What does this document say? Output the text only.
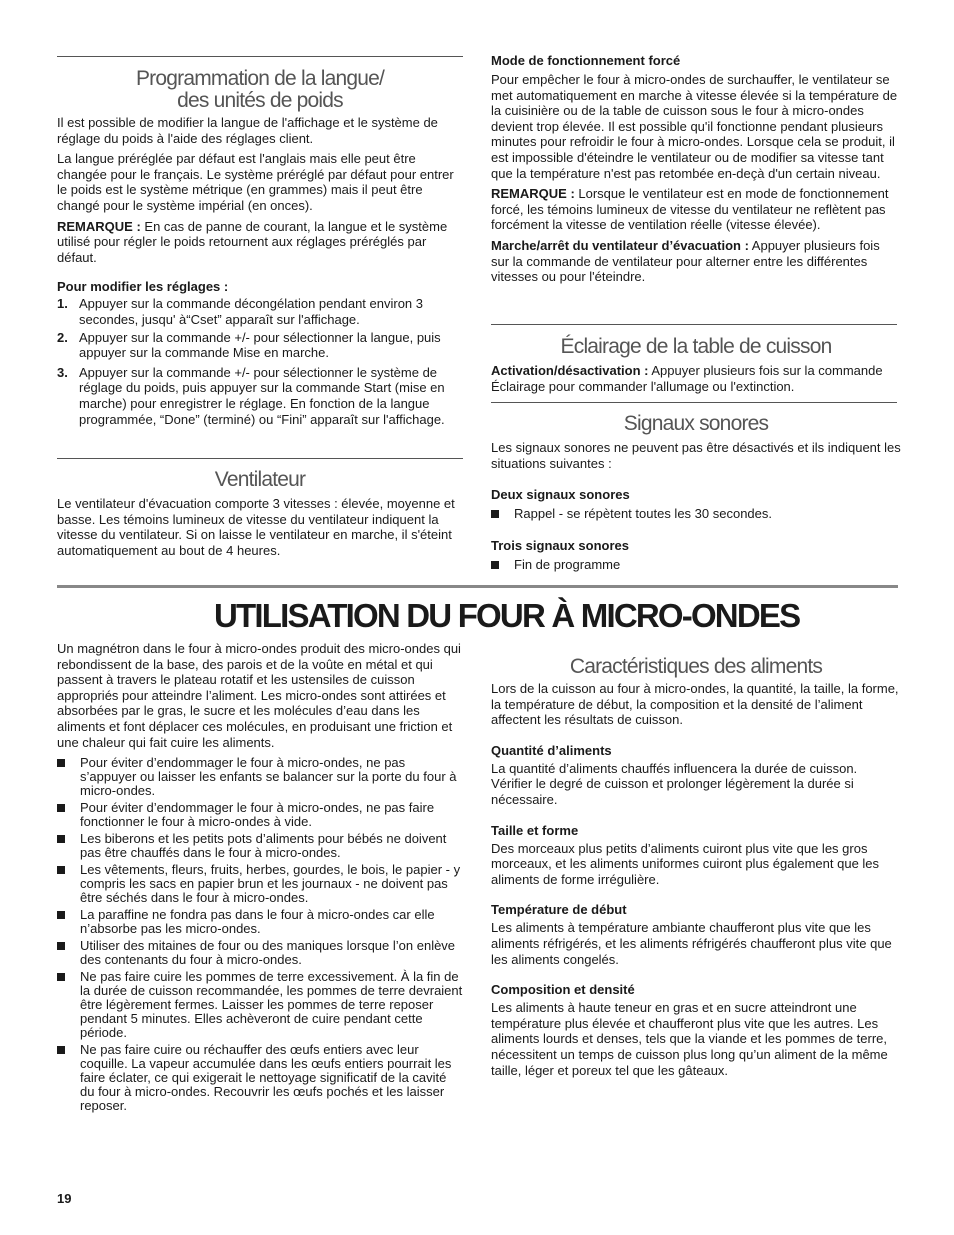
Programmation de la langue/
des unités de poids

Il est possible de modifier la langue de l'affichage et le système de réglage du poids à l'aide des réglages client.

La langue préréglée par défaut est l'anglais mais elle peut être changée pour le français. Le système préréglé par défaut pour entrer le poids est le système métrique (en grammes) mais il peut être changé pour le système impérial (en onces).

REMARQUE : En cas de panne de courant, la langue et le système utilisé pour régler le poids retournent aux réglages préréglés par défaut.

Pour modifier les réglages :

1. Appuyer sur la commande décongélation pendant environ 3 secondes, jusqu' à“Cset” apparaît sur l'affichage.
2. Appuyer sur la commande +/- pour sélectionner la langue, puis appuyer sur la commande Mise en marche.
3. Appuyer sur la commande +/- pour sélectionner le système de réglage du poids, puis appuyer sur la commande Start (mise en marche) pour enregistrer le réglage. En fonction de la langue programmée, “Done” (terminé) ou “Fini” apparaît sur l'affichage.
Ventilateur

Le ventilateur d'évacuation comporte 3 vitesses : élevée, moyenne et basse. Les témoins lumineux de vitesse du ventilateur indiquent la vitesse du ventilateur. Si on laisse le ventilateur en marche, il s'éteint automatiquement au bout de 4 heures.

Mode de fonctionnement forcé

Pour empêcher le four à micro-ondes de surchauffer, le ventilateur se met automatiquement en marche à vitesse élevée si la température de la cuisinière ou de la table de cuisson sous le four à micro-ondes devient trop élevée. Il est possible qu'il fonctionne pendant plusieurs minutes pour refroidir le four à micro-ondes. Lorsque cela se produit, il est impossible d'éteindre le ventilateur ou de modifier sa vitesse tant que la température n'est pas retombée en-deçà d'un certain niveau.

REMARQUE : Lorsque le ventilateur est en mode de fonctionnement forcé, les témoins lumineux de vitesse du ventilateur ne reflètent pas forcément la vitesse de ventilation réelle (vitesse élevée).

Marche/arrêt du ventilateur d’évacuation : Appuyer plusieurs fois sur la commande de ventilateur pour alterner entre les différentes vitesses ou pour l'éteindre.

Éclairage de la table de cuisson

Activation/désactivation : Appuyer plusieurs fois sur la commande Éclairage pour commander l'allumage ou l'extinction.

Signaux sonores

Les signaux sonores ne peuvent pas être désactivés et ils indiquent les situations suivantes :

Deux signaux sonores

Rappel - se répètent toutes les 30 secondes.

Trois signaux sonores

Fin de programme
UTILISATION DU FOUR À MICRO-ONDES

Un magnétron dans le four à micro-ondes produit des micro-ondes qui rebondissent de la base, des parois et de la voûte en métal et qui passent à travers le plateau rotatif et les ustensiles de cuisson appropriés pour atteindre l’aliment. Les micro-ondes sont attirées et absorbées par le gras, le sucre et les molécules d’eau dans les aliments et font déplacer ces molécules, en produisant une friction et une chaleur qui fait cuire les aliments.

Pour éviter d’endommager le four à micro-ondes, ne pas s’appuyer ou laisser les enfants se balancer sur la porte du four à micro-ondes.
Pour éviter d’endommager le four à micro-ondes, ne pas faire fonctionner le four à micro-ondes à vide.
Les biberons et les petits pots d’aliments pour bébés ne doivent pas être chauffés dans le four à micro-ondes.
Les vêtements, fleurs, fruits, herbes, gourdes, le bois, le papier - y compris les sacs en papier brun et les journaux - ne doivent pas être séchés dans le four à micro-ondes.
La paraffine ne fondra pas dans le four à micro-ondes car elle n’absorbe pas les micro-ondes.
Utiliser des mitaines de four ou des maniques lorsque l’on enlève des contenants du four à micro-ondes.
Ne pas faire cuire les pommes de terre excessivement. À la fin de la durée de cuisson recommandée, les pommes de terre devraient être légèrement fermes. Laisser les pommes de terre reposer pendant 5 minutes. Elles achèveront de cuire pendant cette période.
Ne pas faire cuire ou réchauffer des œufs entiers avec leur coquille. La vapeur accumulée dans les œufs entiers pourrait les faire éclater, ce qui exigerait le nettoyage significatif de la cavité du four à micro-ondes. Recouvrir les œufs pochés et les laisser reposer.
Caractéristiques des aliments

Lors de la cuisson au four à micro-ondes, la quantité, la taille, la forme, la température de début, la composition et la densité de l’aliment affectent les résultats de cuisson.

Quantité d’aliments

La quantité d’aliments chauffés influencera la durée de cuisson. Vérifier le degré de cuisson et prolonger légèrement la durée si nécessaire.

Taille et forme

Des morceaux plus petits d’aliments cuiront plus vite que les gros morceaux, et les aliments uniformes cuiront plus également que les aliments de forme irrégulière.

Température de début

Les aliments à température ambiante chaufferont plus vite que les aliments réfrigérés, et les aliments réfrigérés chaufferont plus vite que les aliments congelés.

Composition et densité

Les aliments à haute teneur en gras et en sucre atteindront une température plus élevée et chaufferont plus vite que les autres. Les aliments lourds et denses, tels que la viande et les pommes de terre, nécessitent un temps de cuisson plus long qu’un aliment de la même taille, léger et poreux tel que les gâteaux.

19
